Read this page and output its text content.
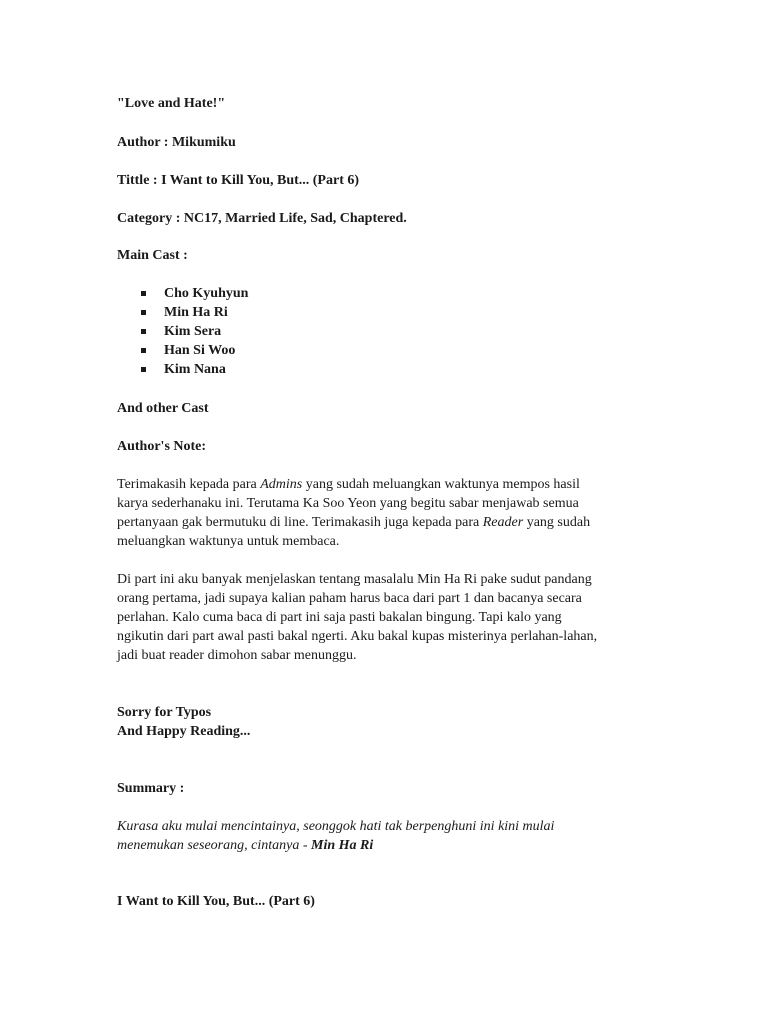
"Love and Hate!"
Author : Mikumiku
Tittle : I Want to Kill You, But... (Part 6)
Category : NC17, Married Life, Sad, Chaptered.
Main Cast :
Cho Kyuhyun
Min Ha Ri
Kim Sera
Han Si Woo
Kim Nana
And other Cast
Author's Note:
Terimakasih kepada para Admins yang sudah meluangkan waktunya mempos hasil
karya sederhanaku ini. Terutama Ka Soo Yeon yang begitu sabar menjawab semua
pertanyaan gak bermutuku di line. Terimakasih juga kepada para Reader yang sudah
meluangkan waktunya untuk membaca.
Di part ini aku banyak menjelaskan tentang masalalu Min Ha Ri pake sudut pandang
orang pertama, jadi supaya kalian paham harus baca dari part 1 dan bacanya secara
perlahan. Kalo cuma baca di part ini saja pasti bakalan bingung. Tapi kalo yang
ngikutin dari part awal pasti bakal ngerti. Aku bakal kupas misterinya perlahan-lahan,
jadi buat reader dimohon sabar menunggu.
Sorry for Typos
And Happy Reading...
Summary :
Kurasa aku mulai mencintainya, seonggok hati tak berpenghuni ini kini mulai
menemukan seseorang, cintanya - Min Ha Ri
I Want to Kill You, But... (Part 6)
